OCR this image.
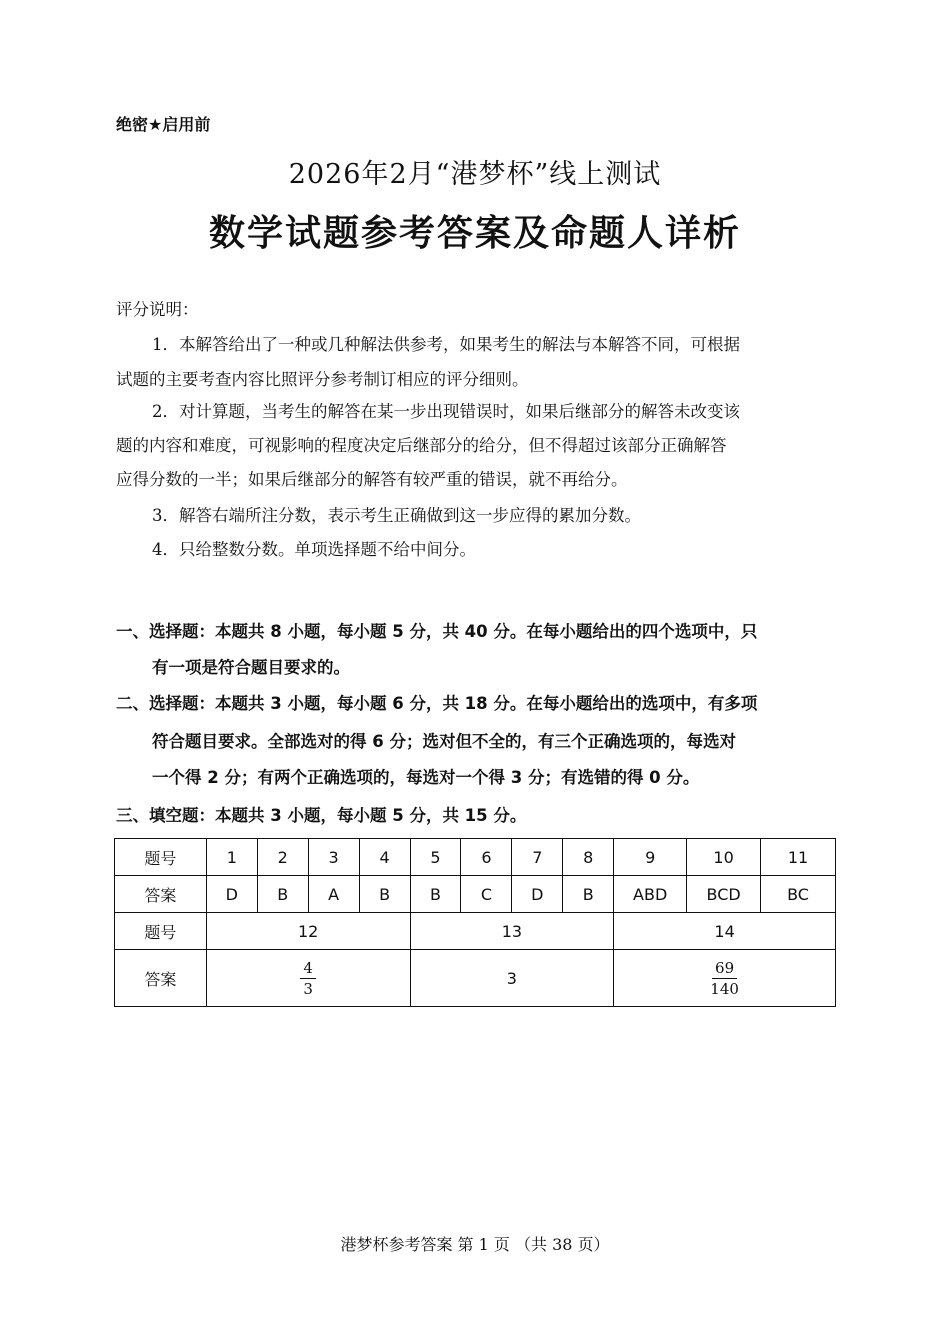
绝密★启用前
2026年2月“港梦杯”线上测试
数学试题参考答案及命题人详析
评分说明：
1．本解答给出了一种或几种解法供参考，如果考生的解法与本解答不同，可根据
试题的主要考查内容比照评分参考制订相应的评分细则。
2．对计算题，当考生的解答在某一步出现错误时，如果后继部分的解答未改变该
题的内容和难度，可视影响的程度决定后继部分的给分，但不得超过该部分正确解答
应得分数的一半；如果后继部分的解答有较严重的错误，就不再给分。
3．解答右端所注分数，表示考生正确做到这一步应得的累加分数。
4．只给整数分数。单项选择题不给中间分。
一、选择题：本题共 8 小题，每小题 5 分，共 40 分。在每小题给出的四个选项中，只
有一项是符合题目要求的。
二、选择题：本题共 3 小题，每小题 6 分，共 18 分。在每小题给出的选项中，有多项
符合题目要求。全部选对的得 6 分；选对但不全的，有三个正确选项的，每选对
一个得 2 分；有两个正确选项的，每选对一个得 3 分；有选错的得 0 分。
三、填空题：本题共 3 小题，每小题 5 分，共 15 分。
题号	1	2	3	4	5	6	7	8	9	10	11
答案	D	B	A	B	B	C	D	B	ABD	BCD	BC
题号	12				13				14		
答案	$\frac{4}{3}$				3				$\frac{69}{140}$
港梦杯参考答案 第 1 页 （共 38 页）
